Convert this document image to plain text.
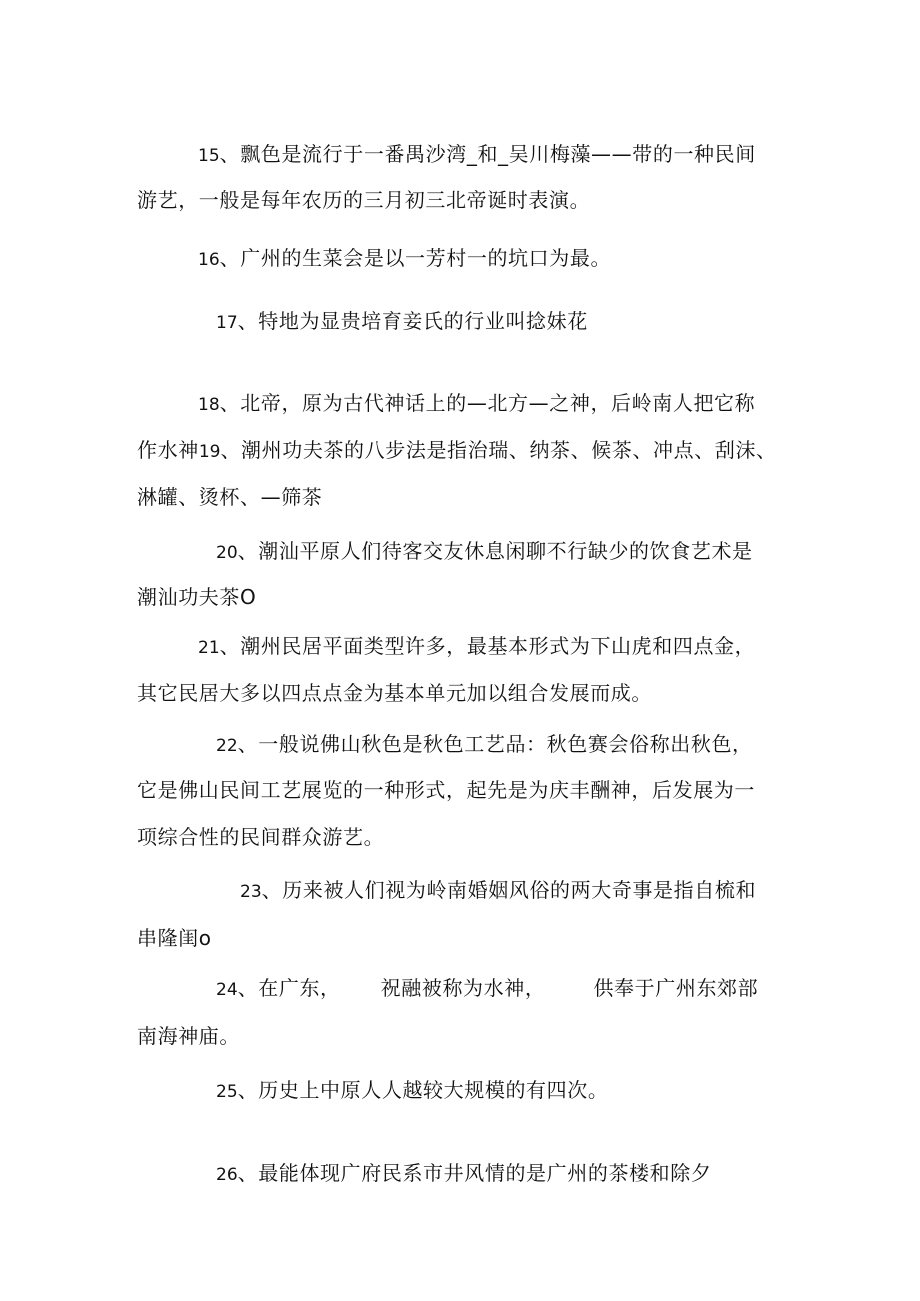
15、飘色是流行于一番禺沙湾_和_吴川梅藻——带的一种民间
游艺，一般是每年农历的三月初三北帝诞时表演。
16、广州的生菜会是以一芳村一的坑口为最。
17、特地为显贵培育妾氏的行业叫捻妹花
18、北帝，原为古代神话上的—北方—之神，后岭南人把它称
作水神19、潮州功夫茶的八步法是指治瑞、纳茶、候茶、冲点、刮沫、
淋罐、烫杯、—筛茶
20、潮汕平原人们待客交友休息闲聊不行缺少的饮食艺术是
潮汕功夫茶O
21、潮州民居平面类型许多，最基本形式为下山虎和四点金，
其它民居大多以四点点金为基本单元加以组合发展而成。
22、一般说佛山秋色是秋色工艺品：秋色赛会俗称出秋色，
它是佛山民间工艺展览的一种形式，起先是为庆丰酬神，后发展为一
项综合性的民间群众游艺。
23、历来被人们视为岭南婚姻风俗的两大奇事是指自梳和
串隆闺o
24、在广东， 祝融被称为水神， 供奉于广州东郊部
南海神庙。
25、历史上中原人人越较大规模的有四次。
26、最能体现广府民系市井风情的是广州的茶楼和除夕
